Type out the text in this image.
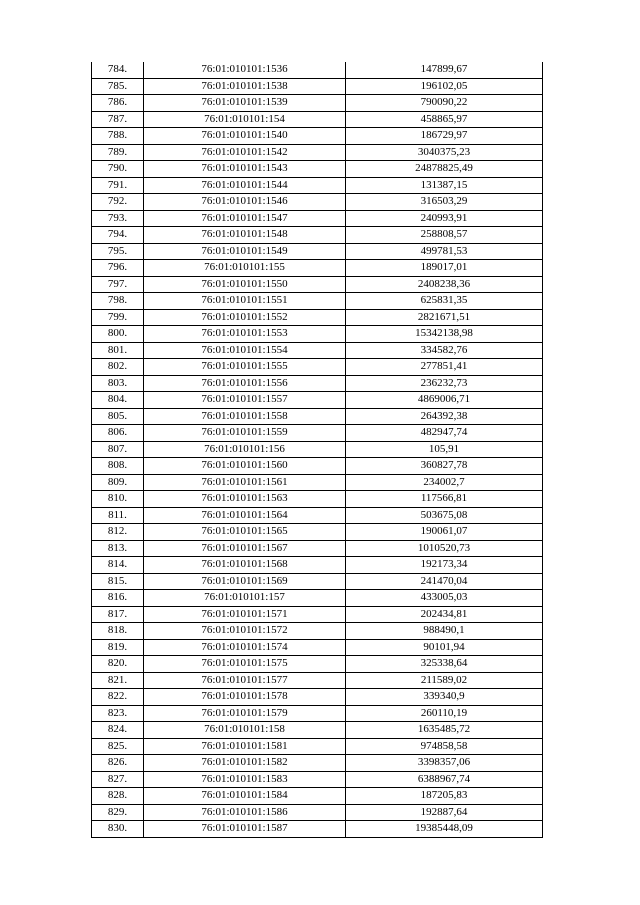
784.	76:01:010101:1536	147899,67
785.	76:01:010101:1538	196102,05
786.	76:01:010101:1539	790090,22
787.	76:01:010101:154	458865,97
788.	76:01:010101:1540	186729,97
789.	76:01:010101:1542	3040375,23
790.	76:01:010101:1543	24878825,49
791.	76:01:010101:1544	131387,15
792.	76:01:010101:1546	316503,29
793.	76:01:010101:1547	240993,91
794.	76:01:010101:1548	258808,57
795.	76:01:010101:1549	499781,53
796.	76:01:010101:155	189017,01
797.	76:01:010101:1550	2408238,36
798.	76:01:010101:1551	625831,35
799.	76:01:010101:1552	2821671,51
800.	76:01:010101:1553	15342138,98
801.	76:01:010101:1554	334582,76
802.	76:01:010101:1555	277851,41
803.	76:01:010101:1556	236232,73
804.	76:01:010101:1557	4869006,71
805.	76:01:010101:1558	264392,38
806.	76:01:010101:1559	482947,74
807.	76:01:010101:156	105,91
808.	76:01:010101:1560	360827,78
809.	76:01:010101:1561	234002,7
810.	76:01:010101:1563	117566,81
811.	76:01:010101:1564	503675,08
812.	76:01:010101:1565	190061,07
813.	76:01:010101:1567	1010520,73
814.	76:01:010101:1568	192173,34
815.	76:01:010101:1569	241470,04
816.	76:01:010101:157	433005,03
817.	76:01:010101:1571	202434,81
818.	76:01:010101:1572	988490,1
819.	76:01:010101:1574	90101,94
820.	76:01:010101:1575	325338,64
821.	76:01:010101:1577	211589,02
822.	76:01:010101:1578	339340,9
823.	76:01:010101:1579	260110,19
824.	76:01:010101:158	1635485,72
825.	76:01:010101:1581	974858,58
826.	76:01:010101:1582	3398357,06
827.	76:01:010101:1583	6388967,74
828.	76:01:010101:1584	187205,83
829.	76:01:010101:1586	192887,64
830.	76:01:010101:1587	19385448,09
